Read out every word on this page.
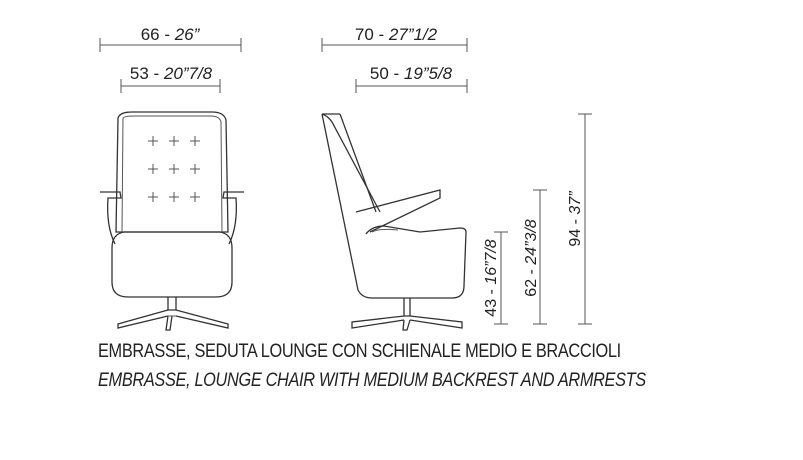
66 - 26”
53 - 20”7/8
70 - 27”1/2
50 - 19”5/8
43 - 16”7/8
62 - 24”3/8 94 - 37”
EMBRASSE, SEDUTA LOUNGE CON SCHIENALE MEDIO E BRACCIOLI
EMBRASSE, LOUNGE CHAIR WITH MEDIUM BACKREST AND ARMRESTS
